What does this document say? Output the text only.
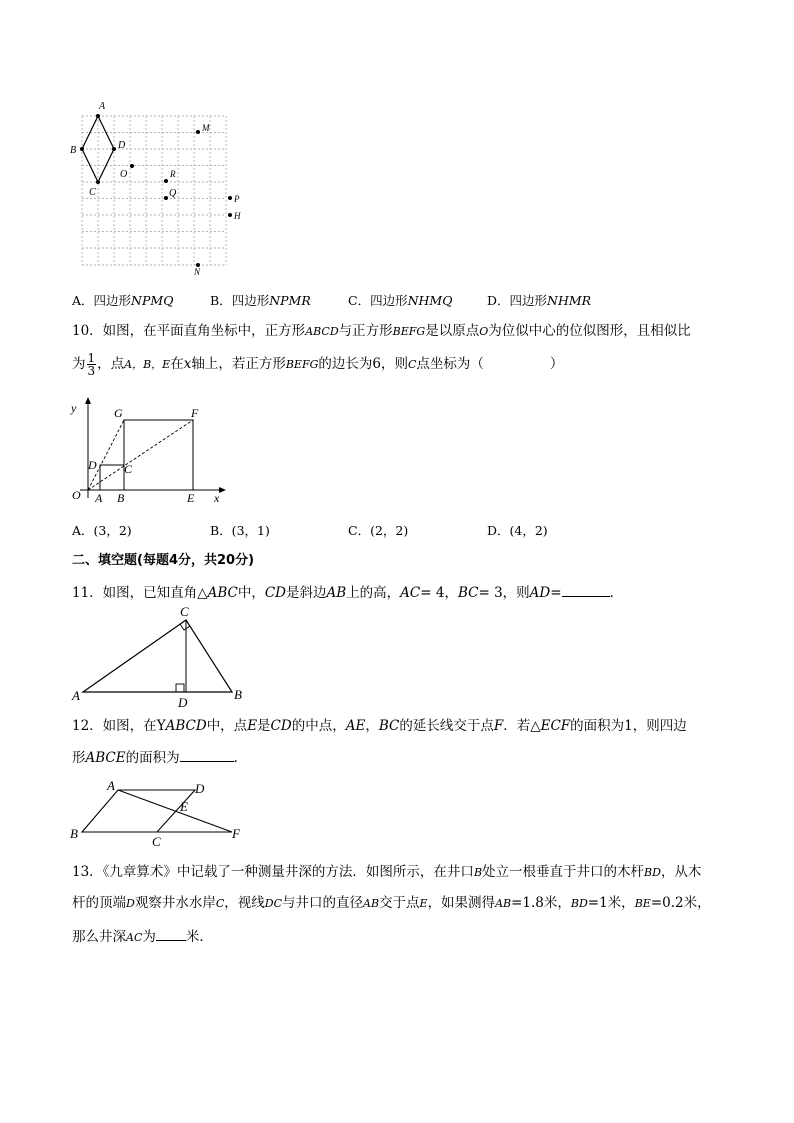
A
B
C
D
O	R
Q
M
P
H
N
A．四边形NPMQ	B．四边形NPMR	C．四边形NHMQ	D．四边形NHMR
10．如图，在平面直角坐标中，正方形ABCD与正方形BEFG是以原点O为位似中心的位似图形，且相似比
为 $\frac{1}{3}$ ，点A，B，E在x轴上，若正方形BEFG的边长为6，则C点坐标为（	）
y	G	F
D C
O A B	E x
A．(3，2)	B．(3，1)	C．(2，2)	D．(4，2)
二、填空题(每题4分，共20分)
11．如图，已知直角△ABC中，CD是斜边AB上的高，AC= 4，BC= 3，则AD=	．
C
A	D
B
12．如图，在YABCD中，点E是CD的中点，AE，BC的延长线交于点F．若△ECF的面积为1，则四边
形ABCE的面积为	．
A	D
E
B
C
F
13．《九章算术》中记载了一种测量井深的方法．如图所示，在井口B处立一根垂直于井口的木杆BD，从木
杆的顶端D观察井水水岸C，视线DC与井口的直径AB交于点E，如果测得AB=1.8米，BD=1米，BE=0.2米，
那么井深AC为 米．
